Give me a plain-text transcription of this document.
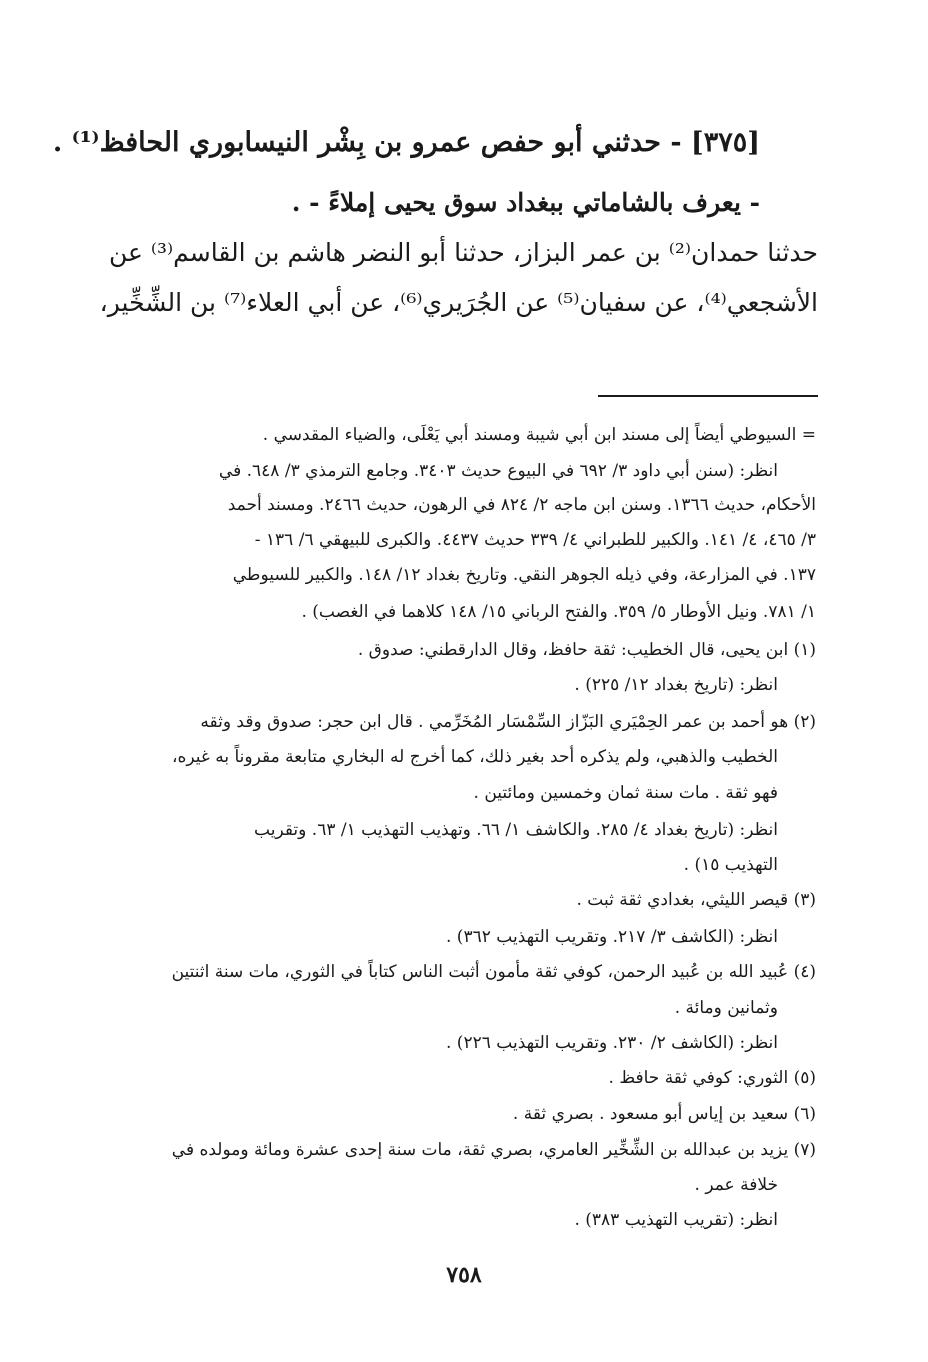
[٣٧٥] - حدثني أبو حفص عمرو بن بِشْر النيسابوري الحافظ⁽¹⁾ .
- يعرف بالشاماتي ببغداد سوق يحيى إملاءً - .
حدثنا حمدان⁽²⁾ بن عمر البزاز، حدثنا أبو النضر هاشم بن القاسم⁽³⁾ عن
الأشجعي⁽⁴⁾، عن سفيان⁽⁵⁾ عن الجُرَيري⁽⁶⁾، عن أبي العلاء⁽⁷⁾ بن الشِّخِّير،
= السيوطي أيضاً إلى مسند ابن أبي شيبة ومسند أبي يَعْلَى، والضياء المقدسي .
انظر: (سنن أبي داود ٣/ ٦٩٢ في البيوع حديث ٣٤٠٣. وجامع الترمذي ٣/ ٦٤٨. في
الأحكام، حديث ١٣٦٦. وسنن ابن ماجه ٢/ ٨٢٤ في الرهون، حديث ٢٤٦٦. ومسند أحمد
٣/ ٤٦٥، ٤/ ١٤١. والكبير للطبراني ٤/ ٣٣٩ حديث ٤٤٣٧. والكبرى للبيهقي ٦/ ١٣٦ -
١٣٧. في المزارعة، وفي ذيله الجوهر النقي. وتاريخ بغداد ١٢/ ١٤٨. والكبير للسيوطي
١/ ٧٨١. ونيل الأوطار ٥/ ٣٥٩. والفتح الرباني ١٥/ ١٤٨ كلاهما في الغصب) .
(١) ابن يحيى، قال الخطيب: ثقة حافظ، وقال الدارقطني: صدوق .
انظر: (تاريخ بغداد ١٢/ ٢٢٥) .
(٢) هو أحمد بن عمر الحِمْيَري البَزّاز السِّمْسَار المُخَرِّمي . قال ابن حجر: صدوق وقد وثقه
الخطيب والذهبي، ولم يذكره أحد بغير ذلك، كما أخرج له البخاري متابعة مقروناً به غيره،
فهو ثقة . مات سنة ثمان وخمسين ومائتين .
انظر: (تاريخ بغداد ٤/ ٢٨٥. والكاشف ١/ ٦٦. وتهذيب التهذيب ١/ ٦٣. وتقريب
التهذيب ١٥) .
(٣) قيصر الليثي، بغدادي ثقة ثبت .
انظر: (الكاشف ٣/ ٢١٧. وتقريب التهذيب ٣٦٢) .
(٤) عُبيد الله بن عُبيد الرحمن، كوفي ثقة مأمون أثبت الناس كتاباً في الثوري، مات سنة اثنتين
وثمانين ومائة .
انظر: (الكاشف ٢/ ٢٣٠. وتقريب التهذيب ٢٢٦) .
(٥) الثوري: كوفي ثقة حافظ .
(٦) سعيد بن إياس أبو مسعود . بصري ثقة .
(٧) يزيد بن عبدالله بن الشِّخِّير العامري، بصري ثقة، مات سنة إحدى عشرة ومائة ومولده في
خلافة عمر .
انظر: (تقريب التهذيب ٣٨٣) .
٧٥٨
